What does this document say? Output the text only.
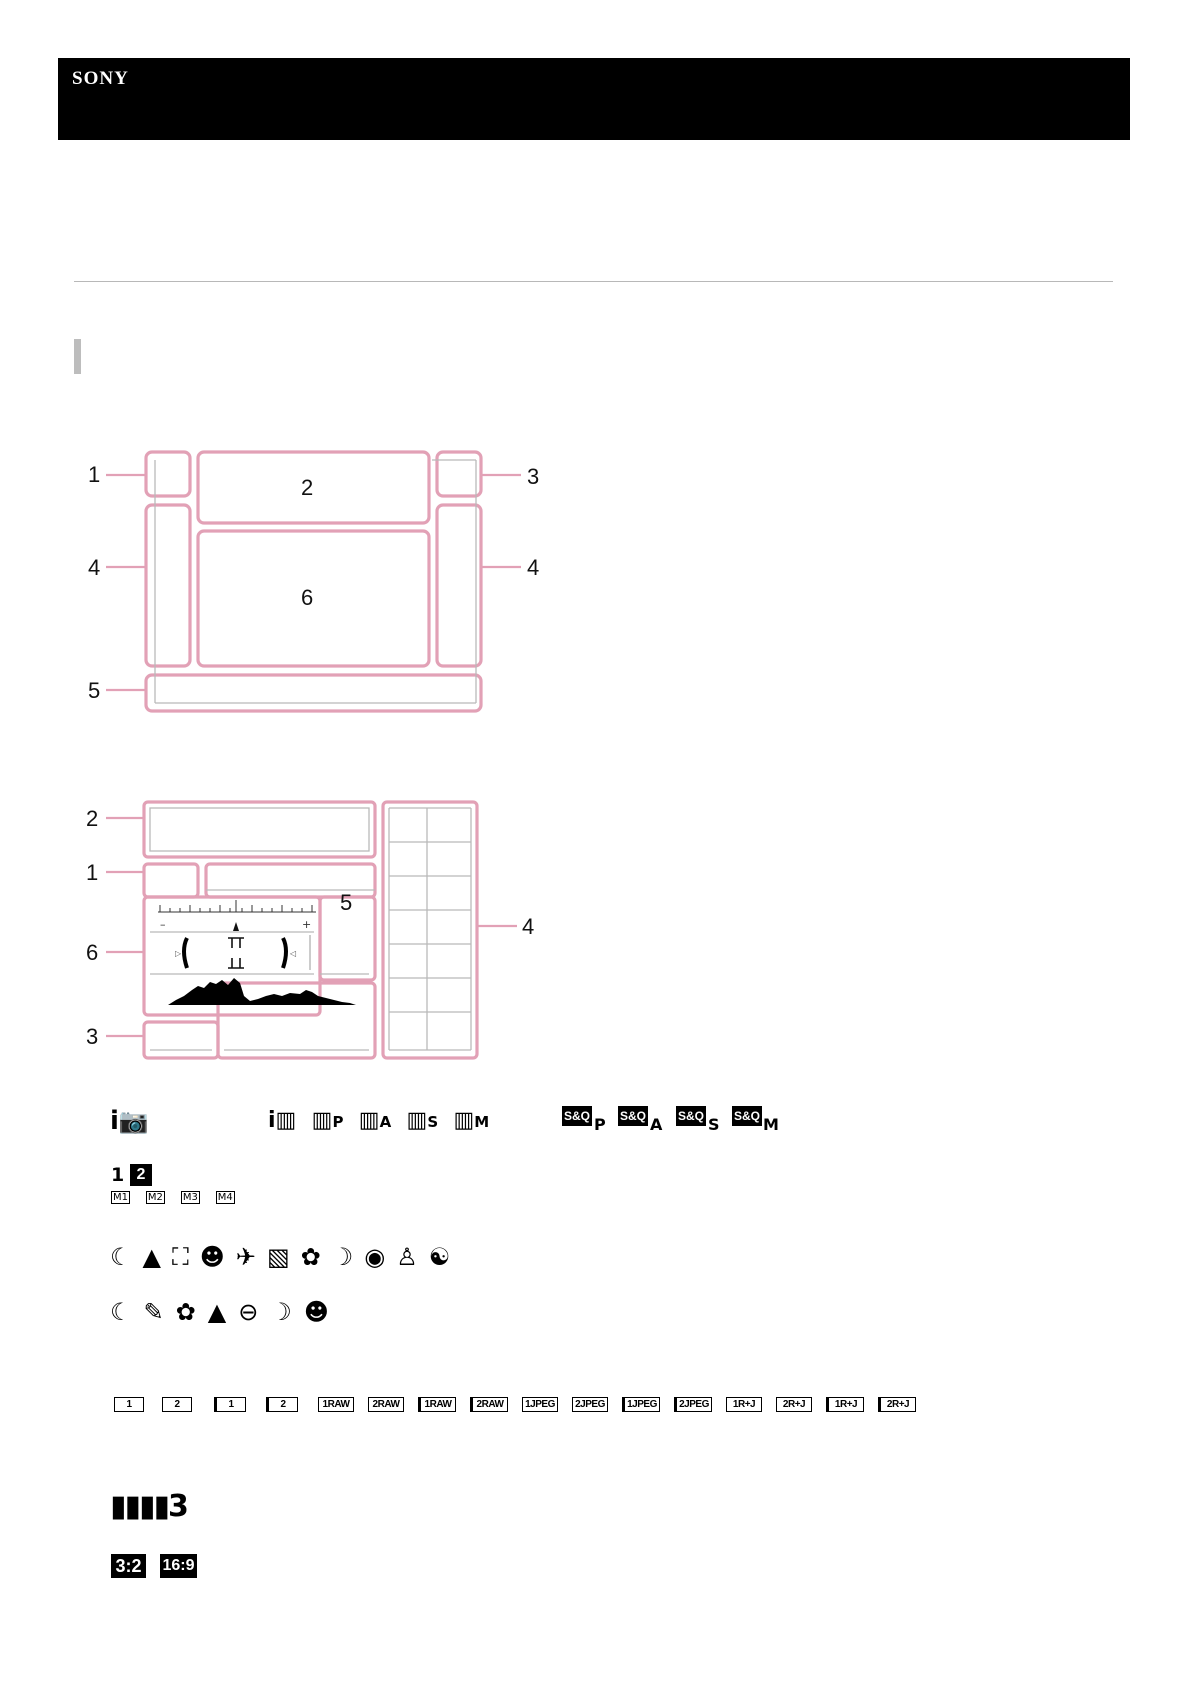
SONY
1
2	3
4	4
5
6
–	+
▷	◁
2
1
6
3
5
4
i📷	i▥ ▥P ▥A ▥S ▥M	S&Q P S&Q A S&Q S S&Q M
1 2
M1 M2 M3 M4
☾▲⛶☻✈▧✿☽◉♙☯
☾✎✿▲⊖☽☻
1	2	1	2	1RAW	2RAW	1RAW	2RAW	1JPEG	2JPEG	1JPEG	2JPEG	1R+J	2R+J	1R+J	2R+J
▮▮▮▮3
3:2 16:9
